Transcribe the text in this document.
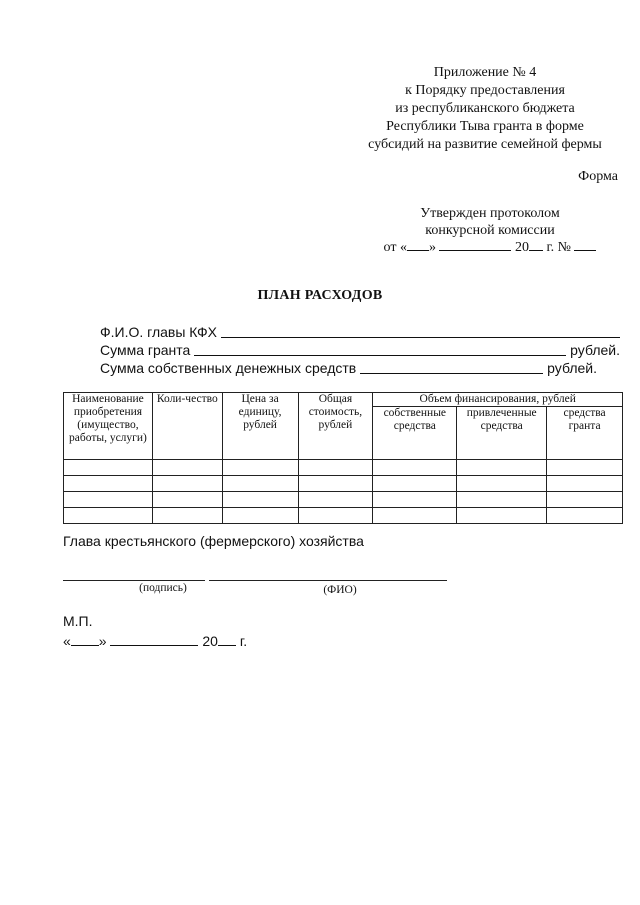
Приложение № 4
к Порядку предоставления
из республиканского бюджета
Республики Тыва гранта в форме
субсидий на развитие семейной фермы
Форма
Утвержден протоколом
конкурсной комиссии
от « »	20 г. №
ПЛАН РАСХОДОВ
Ф.И.О. главы КФХ
Сумма гранта	рублей.
Сумма собственных денежных средств	рублей.
Наименование приобретения (имущество, работы, услуги)	Коли-чество	Цена за единицу, рублей	Общая стоимость, рублей	Объем финансирования, рублей		
				собственные средства	привлеченные средства	средства гранта

Глава крестьянского (фермерского) хозяйства
(подпись)	(ФИО)
М.П.
« »	20 г.
